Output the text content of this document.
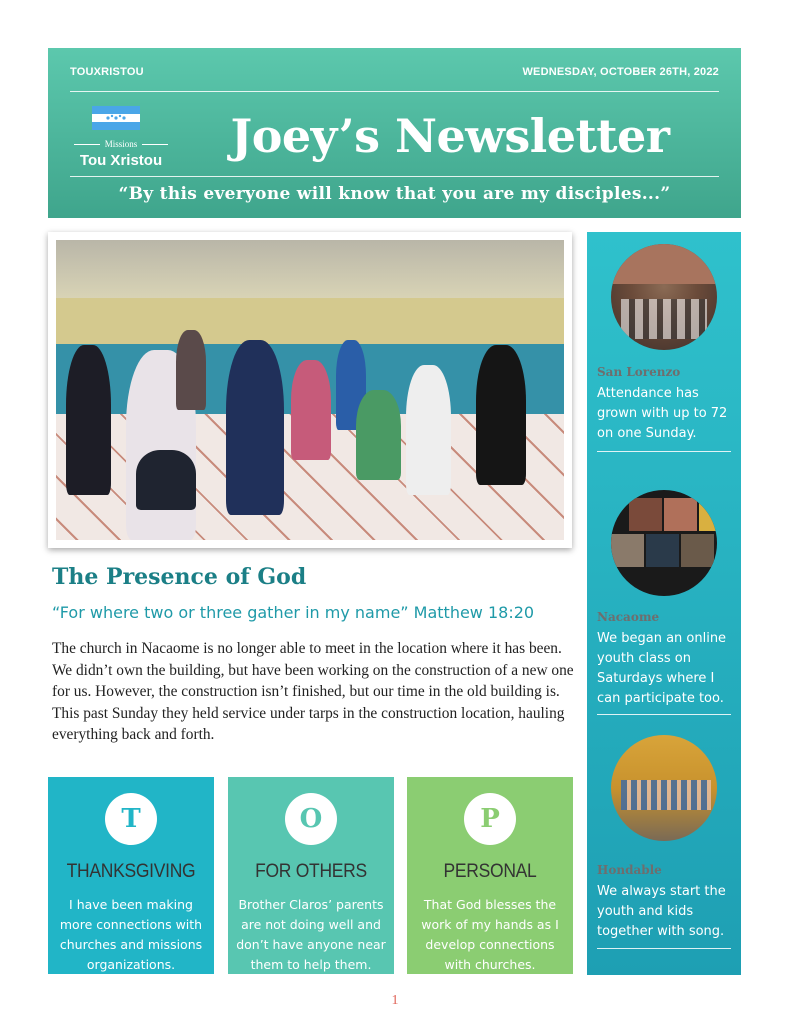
TOUXRISTOU	WEDNESDAY, OCTOBER 26TH, 2022
Missions
Tou Xristou	Joey’s Newsletter
“By this everyone will know that you are my disciples...”
The Presence of God
“For where two or three gather in my name” Matthew 18:20
The church in Nacaome is no longer able to meet in the location where it has been. We didn’t own the building, but have been working on the construction of a new one for us. However, the construction isn’t finished, but our time in the old building is. This past Sunday they held service under tarps in the construction location, hauling everything back and forth.
T
THANKSGIVING
I have been making more connections with churches and missions organizations.
O
FOR OTHERS
Brother Claros’ parents are not doing well and don’t have anyone near them to help them.
P
PERSONAL
That God blesses the work of my hands as I develop connections with churches.
San Lorenzo
Attendance has grown with up to 72 on one Sunday.
Nacaome
We began an online youth class on Saturdays where I can participate too.
Hondable
We always start the youth and kids together with song.
1
